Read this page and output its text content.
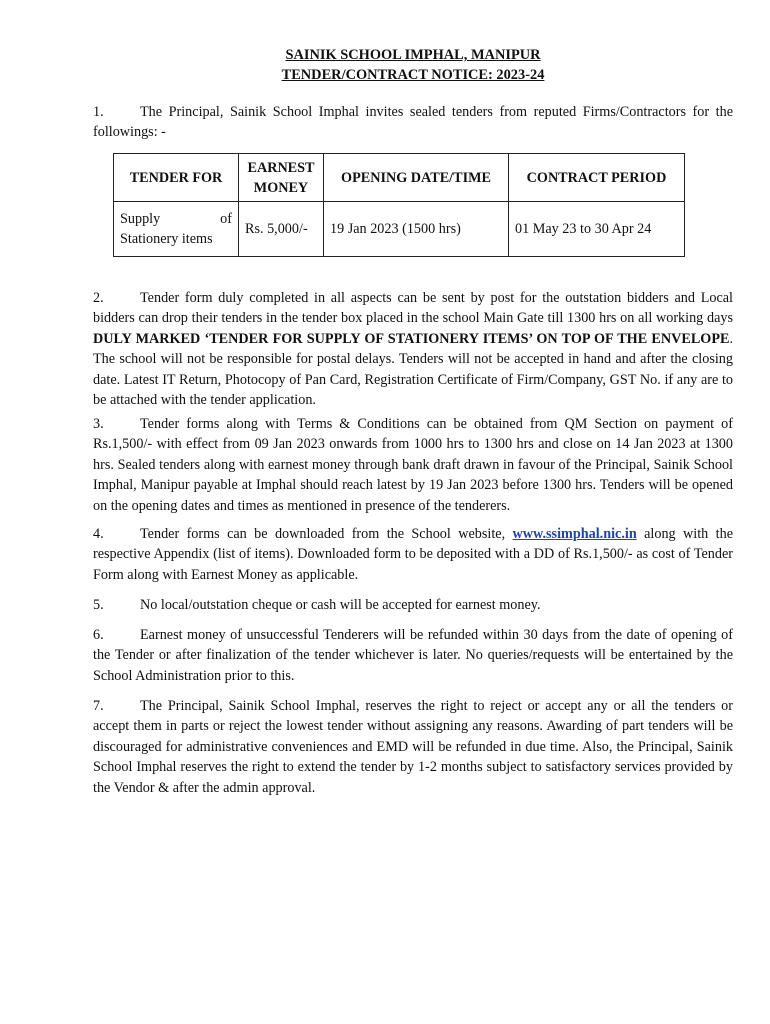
SAINIK SCHOOL IMPHAL, MANIPUR
TENDER/CONTRACT NOTICE: 2023-24

1.	The Principal, Sainik School Imphal invites sealed tenders from reputed Firms/Contractors for the followings: -

TENDER FOR	EARNEST MONEY	OPENING DATE/TIME	CONTRACT PERIOD

Supply of
Stationery items	Rs. 5,000/-	19 Jan 2023 (1500 hrs)	01 May 23 to 30 Apr 24

2.	Tender form duly completed in all aspects can be sent by post for the outstation bidders and Local bidders can drop their tenders in the tender box placed in the school Main Gate till 1300 hrs on all working days DULY MARKED ‘TENDER FOR SUPPLY OF STATIONERY ITEMS’ ON TOP OF THE ENVELOPE. The school will not be responsible for postal delays. Tenders will not be accepted in hand and after the closing date. Latest IT Return, Photocopy of Pan Card, Registration Certificate of Firm/Company, GST No. if any are to be attached with the tender application.

3.	Tender forms along with Terms & Conditions can be obtained from QM Section on payment of Rs.1,500/- with effect from 09 Jan 2023 onwards from 1000 hrs to 1300 hrs and close on 14 Jan 2023 at 1300 hrs. Sealed tenders along with earnest money through bank draft drawn in favour of the Principal, Sainik School Imphal, Manipur payable at Imphal should reach latest by 19 Jan 2023 before 1300 hrs. Tenders will be opened on the opening dates and times as mentioned in presence of the tenderers.

4.	Tender forms can be downloaded from the School website, www.ssimphal.nic.in along with the respective Appendix (list of items). Downloaded form to be deposited with a DD of Rs.1,500/- as cost of Tender Form along with Earnest Money as applicable.

5.	No local/outstation cheque or cash will be accepted for earnest money.

6.	Earnest money of unsuccessful Tenderers will be refunded within 30 days from the date of opening of the Tender or after finalization of the tender whichever is later. No queries/requests will be entertained by the School Administration prior to this.

7.	The Principal, Sainik School Imphal, reserves the right to reject or accept any or all the tenders or accept them in parts or reject the lowest tender without assigning any reasons. Awarding of part tenders will be discouraged for administrative conveniences and EMD will be refunded in due time. Also, the Principal, Sainik School Imphal reserves the right to extend the tender by 1-2 months subject to satisfactory services provided by the Vendor & after the admin approval.
